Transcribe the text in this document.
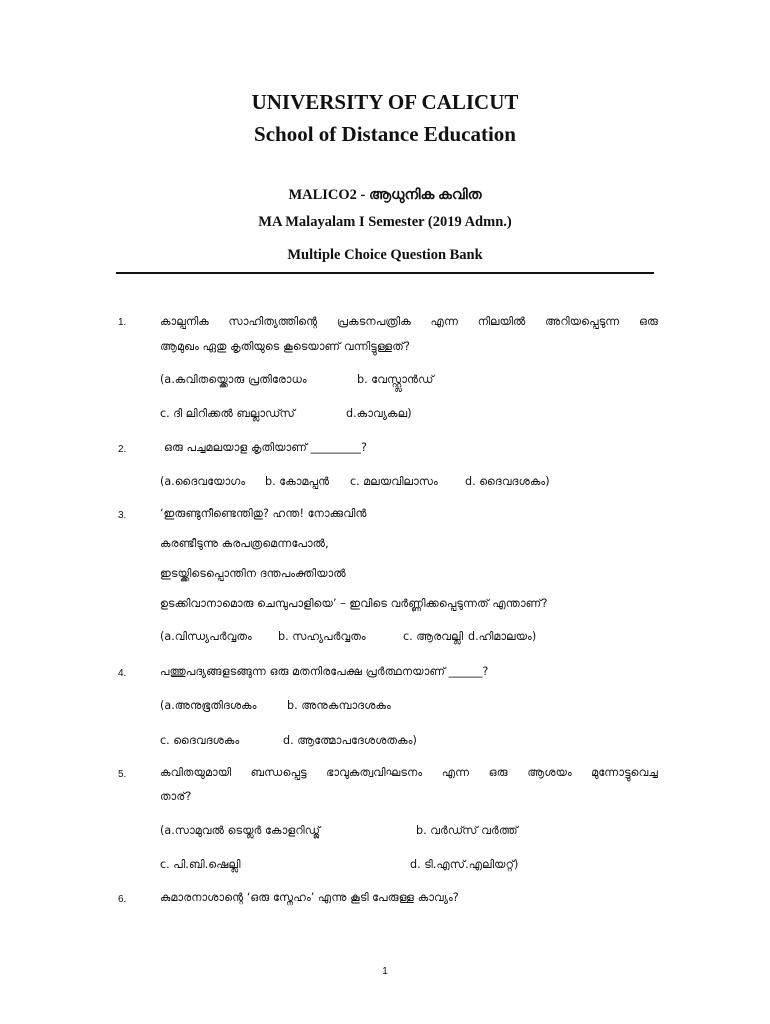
UNIVERSITY OF CALICUT
School of Distance Education
MALICO2 - ആധുനിക കവിത
MA Malayalam I Semester (2019 Admn.)
Multiple Choice Question Bank
1.	കാല്പനിക സാഹിത്യത്തിന്റെ പ്രകടനപത്രിക എന്ന നിലയിൽ അറിയപ്പെടുന്ന ഒരു
ആമുഖം ഏതു കൃതിയുടെ കൂടെയാണ് വന്നിട്ടുള്ളത്?
(a.കവിതയ്ക്കൊരു പ്രതിരോധം	b. വേസ്റ്റ്ലാൻഡ്
c. ദി ലിറിക്കൽ ബല്ലാഡ്സ്	d.കാവ്യകല)
2.	ഒരു പച്ചമലയാള കൃതിയാണ് _________?
(a.ദൈവയോഗം b. കോമപ്പൻ c. മലയവിലാസം d. ദൈവദശകം)
3.	‘ഇരുണ്ടുനീണ്ടെന്തിതു? ഹന്ത! നോക്കുവിൻ
കരണ്ടീടുന്നു കരപത്രമെന്നപോൽ,
ഇടയ്ക്കിടെപ്പൊന്തിന ദന്തപംക്തിയാൽ
ഉടക്കിവാനാമൊരു ചെമ്പുപാളിയെ’ – ഇവിടെ വർണ്ണിക്കപ്പെടുന്നത് എന്താണ്?
(a.വിന്ധ്യപർവ്വതം b. സഹ്യപർവ്വതം	c. ആരവല്ലി d.ഹിമാലയം)
4.	പത്തുപദ്യങ്ങളടങ്ങുന്ന ഒരു മതനിരപേക്ഷ പ്രർത്ഥനയാണ് ______?
(a.അനുഭൂതിദശകം	b. അനുകമ്പാദശകം
c. ദൈവദശകം	d. ആത്മോപദേശശതകം)
5.	കവിതയുമായി ബന്ധപ്പെട്ട ഭാവുകത്വവിഘടനം എന്ന ഒരു ആശയം മുന്നോട്ടുവെച്ച
താര്?
(a.സാമുവൽ ടെയ്ലർ കോളറിഡ്ജ്	b. വർഡ്സ് വർത്ത്
c. പി.ബി.ഷെല്ലി	d. ടി.എസ്.എലിയറ്റ്)
6.	കുമാരനാശാന്റെ ‘ഒരു സ്നേഹം’ എന്നു കൂടി പേരുള്ള കാവ്യം?
1
